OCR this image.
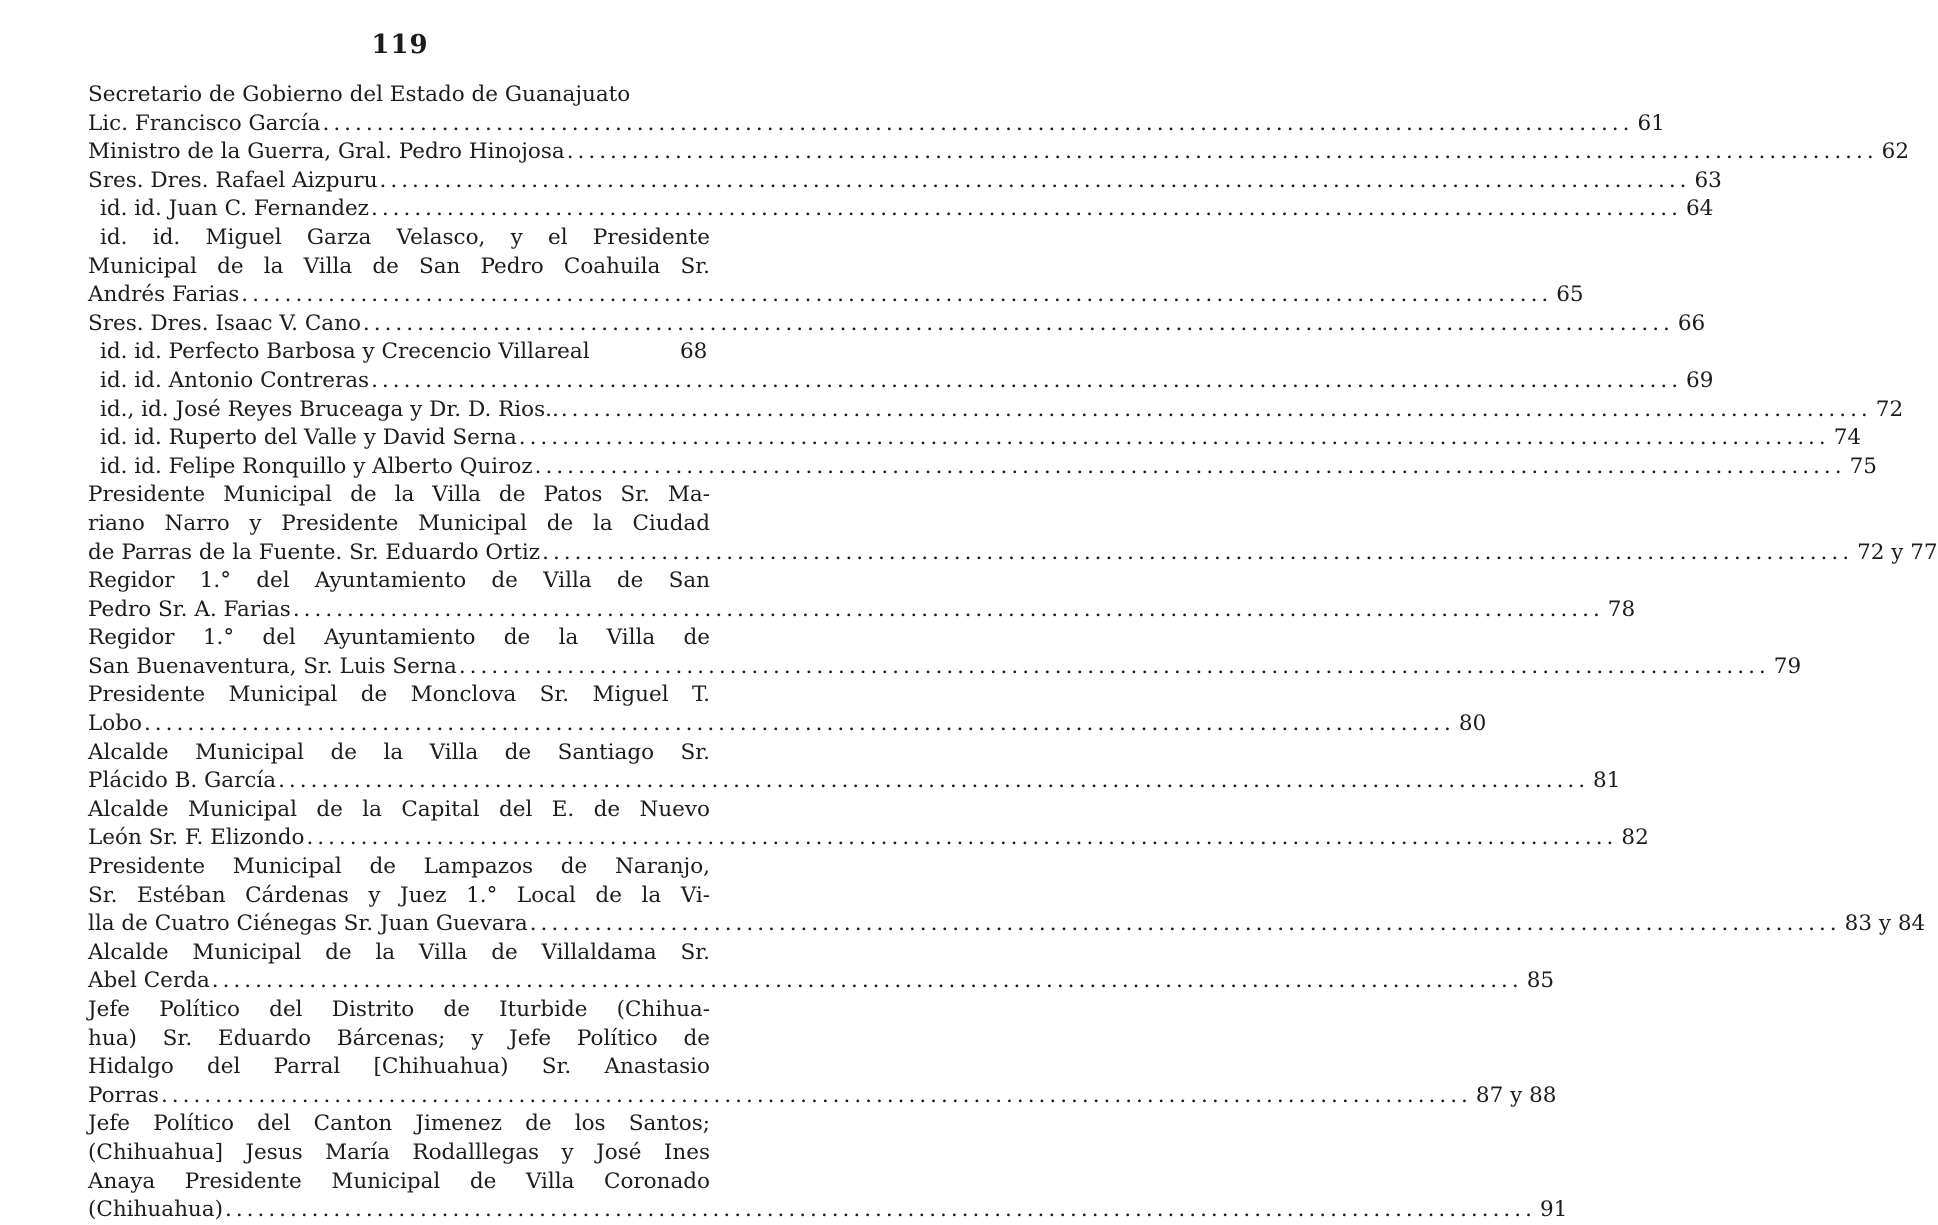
119
Secretario de Gobierno del Estado de Guanajuato
Lic. Francisco García .....	61
Ministro de la Guerra, Gral. Pedro Hinojosa .....	62
Sres. Dres. Rafael Aizpuru .....	63
id. id. Juan C. Fernandez .....	64
id. id. Miguel Garza Velasco, y el Presidente
Municipal de la Villa de San Pedro Coahuila Sr.
Andrés Farias .....	65
Sres. Dres. Isaac V. Cano .....	66
id. id. Perfecto Barbosa y Crecencio Villareal	68
id. id. Antonio Contreras .....	69
id., id. José Reyes Bruceaga y Dr. D. Rios.. .....	72
id. id. Ruperto del Valle y David Serna .....	74
id. id. Felipe Ronquillo y Alberto Quiroz .....	75
Presidente Municipal de la Villa de Patos Sr. Ma-
riano Narro y Presidente Municipal de la Ciudad
de Parras de la Fuente. Sr. Eduardo Ortiz .....	72 y 77
Regidor 1.° del Ayuntamiento de Villa de San
Pedro Sr. A. Farias .....	78
Regidor 1.° del Ayuntamiento de la Villa de
San Buenaventura, Sr. Luis Serna .....	79
Presidente Municipal de Monclova Sr. Miguel T.
Lobo .....	80
Alcalde Municipal de la Villa de Santiago Sr.
Plácido B. García .....	81
Alcalde Municipal de la Capital del E. de Nuevo
León Sr. F. Elizondo .....	82
Presidente Municipal de Lampazos de Naranjo,
Sr. Estéban Cárdenas y Juez 1.° Local de la Vi-
lla de Cuatro Ciénegas Sr. Juan Guevara .....	83 y 84
Alcalde Municipal de la Villa de Villaldama Sr.
Abel Cerda .....	85
Jefe Político del Distrito de Iturbide (Chihua-
hua) Sr. Eduardo Bárcenas; y Jefe Político de
Hidalgo del Parral [Chihuahua) Sr. Anastasio
Porras .....	87 y 88
Jefe Político del Canton Jimenez de los Santos;
(Chihuahua] Jesus María Rodalllegas y José Ines
Anaya Presidente Municipal de Villa Coronado
(Chihuahua) .....	91
